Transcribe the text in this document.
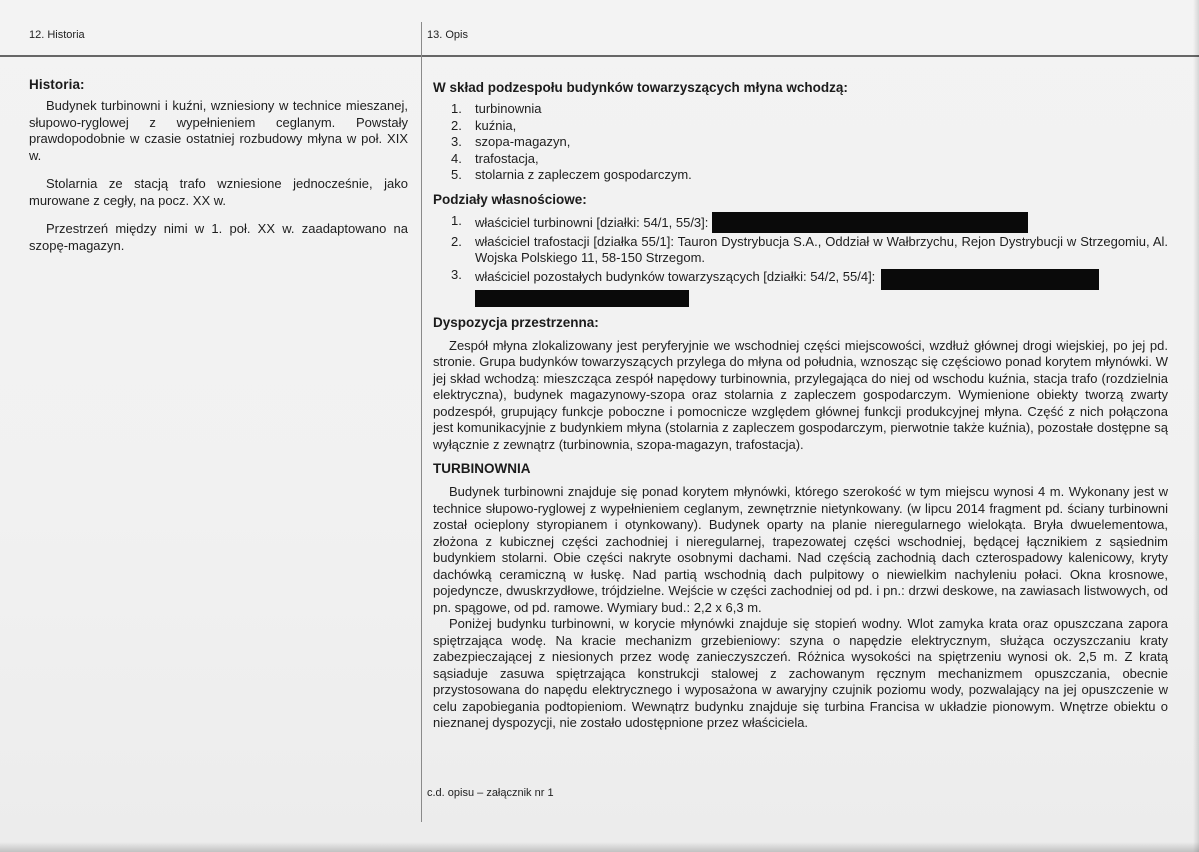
12. Historia	13. Opis
Historia:

Budynek turbinowni i kuźni, wzniesiony w technice mieszanej, słupowo-ryglowej z wypełnieniem ceglanym. Powstały prawdopodobnie w czasie ostatniej rozbudowy młyna w poł. XIX w.

Stolarnia ze stacją trafo wzniesione jednocześnie, jako murowane z cegły, na pocz. XX w.

Przestrzeń między nimi w 1. poł. XX w. zaadaptowano na szopę-magazyn.

W skład podzespołu budynków towarzyszących młyna wchodzą:
1. turbinownia
2. kuźnia,
3. szopa-magazyn,
4. trafostacja,
5. stolarnia z zapleczem gospodarczym.
Podziały własnościowe:
1. właściciel turbinowni [działki: 54/1, 55/3]:
2. właściciel trafostacji [działka 55/1]: Tauron Dystrybucja S.A., Oddział w Wałbrzychu, Rejon Dystrybucji w Strzegomiu, Al. Wojska Polskiego 11, 58-150 Strzegom.
3. właściciel pozostałych budynków towarzyszących [działki: 54/2, 55/4]:
Dyspozycja przestrzenna:

Zespół młyna zlokalizowany jest peryferyjnie we wschodniej części miejscowości, wzdłuż głównej drogi wiejskiej, po jej pd. stronie. Grupa budynków towarzyszących przylega do młyna od południa, wznosząc się częściowo ponad korytem młynówki. W jej skład wchodzą: mieszcząca zespół napędowy turbinownia, przylegająca do niej od wschodu kuźnia, stacja trafo (rozdzielnia elektryczna), budynek magazynowy-szopa oraz stolarnia z zapleczem gospodarczym. Wymienione obiekty tworzą zwarty podzespół, grupujący funkcje poboczne i pomocnicze względem głównej funkcji produkcyjnej młyna. Część z nich połączona jest komunikacyjnie z budynkiem młyna (stolarnia z zapleczem gospodarczym, pierwotnie także kuźnia), pozostałe dostępne są wyłącznie z zewnątrz (turbinownia, szopa-magazyn, trafostacja).

TURBINOWNIA

Budynek turbinowni znajduje się ponad korytem młynówki, którego szerokość w tym miejscu wynosi 4 m. Wykonany jest w technice słupowo-ryglowej z wypełnieniem ceglanym, zewnętrznie nietynkowany. (w lipcu 2014 fragment pd. ściany turbinowni został ocieplony styropianem i otynkowany). Budynek oparty na planie nieregularnego wielokąta. Bryła dwuelementowa, złożona z kubicznej części zachodniej i nieregularnej, trapezowatej części wschodniej, będącej łącznikiem z sąsiednim budynkiem stolarni. Obie części nakryte osobnymi dachami. Nad częścią zachodnią dach czterospadowy kalenicowy, kryty dachówką ceramiczną w łuskę. Nad partią wschodnią dach pulpitowy o niewielkim nachyleniu połaci. Okna krosnowe, pojedyncze, dwuskrzydłowe, trójdzielne. Wejście w części zachodniej od pd. i pn.: drzwi deskowe, na zawiasach listwowych, od pn. spągowe, od pd. ramowe. Wymiary bud.: 2,2 x 6,3 m.

Poniżej budynku turbinowni, w korycie młynówki znajduje się stopień wodny. Wlot zamyka krata oraz opuszczana zapora spiętrzająca wodę. Na kracie mechanizm grzebieniowy: szyna o napędzie elektrycznym, służąca oczyszczaniu kraty zabezpieczającej z niesionych przez wodę zanieczyszczeń. Różnica wysokości na spiętrzeniu wynosi ok. 2,5 m. Z kratą sąsiaduje zasuwa spiętrzająca konstrukcji stalowej z zachowanym ręcznym mechanizmem opuszczania, obecnie przystosowana do napędu elektrycznego i wyposażona w awaryjny czujnik poziomu wody, pozwalający na jej opuszczenie w celu zapobiegania podtopieniom. Wewnątrz budynku znajduje się turbina Francisa w układzie pionowym. Wnętrze obiektu o nieznanej dyspozycji, nie zostało udostępnione przez właściciela.

c.d. opisu – załącznik nr 1
